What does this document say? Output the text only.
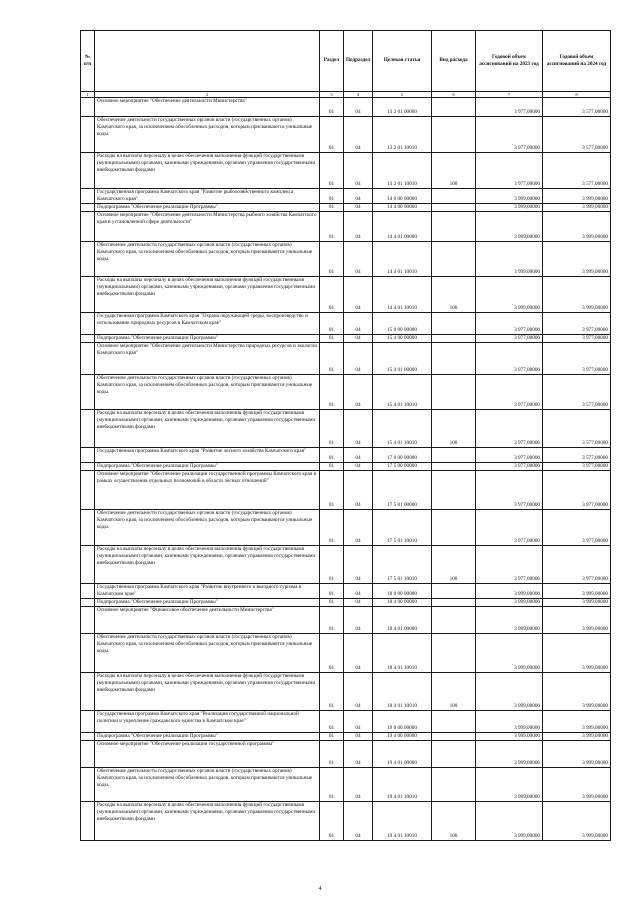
№ п/п		Раздел	Подраздел	Целевая статья	Вид расхода	Годовой объем ассигнований на 2023 год	Годовой объем ассигнований на 2024 год
1	2	3	4	5	6	7	8
	Основное мероприятие "Обеспечение деятельности Министерства"	01	04	13 2 01 00000		3 977,00000	3 577,00000
	Обеспечение деятельности государственных органов власти (государственных органов) Камчатского края, за исключением обособленных расходов, которым присваиваются уникальные коды.	01	04	13 2 01 10010		3 977,00000	3 577,00000
	Расходы на выплаты персоналу в целях обеспечения выполнения функций государственными (муниципальными) органами, казенными учреждениями, органами управления государственными внебюджетными фондами	01	04	13 2 01 10010	100	3 977,00000	3 577,00000
	Государственная программа Камчатского края "Развитие рыбохозяйственного комплекса Камчатского края"	01	04	14 0 00 00000		3 999,00000	3 999,00000
	Подпрограмма "Обеспечение реализации Программы"	01	04	14 4 00 00000		3 999,00000	3 999,00000
	Основное мероприятие "Обеспечение деятельности Министерства рыбного хозяйства Камчатского края в установленной сфере деятельности"	01	04	14 4 01 00000		3 999,00000	3 999,00000
	Обеспечение деятельности государственных органов власти (государственных органов) Камчатского края, за исключением обособленных расходов, которым присваиваются уникальные коды.	01	04	14 4 01 10010		3 999,00000	3 999,00000
	Расходы на выплаты персоналу в целях обеспечения выполнения функций государственными (муниципальными) органами, казенными учреждениями, органами управления государственными внебюджетными фондами	01	04	14 4 01 10010	100	3 999,00000	3 999,00000
	Государственная программа Камчатского края "Охрана окружающей среды, воспроизводство и использование природных ресурсов в Камчатском крае"	01	04	15 0 00 00000		3 977,00000	3 977,00000
	Подпрограмма "Обеспечение реализации Программы"	01	04	15 4 00 00000		3 977,00000	3 977,00000
	Основное мероприятие "Обеспечение деятельности Министерства природных ресурсов и экологии Камчатского края"	01	04	15 4 01 00000		3 977,00000	3 977,00000
	Обеспечение деятельности государственных органов власти (государственных органов) Камчатского края, за исключением обособленных расходов, которым присваиваются уникальные коды.	01	04	15 4 01 10010		3 977,00000	3 577,00000
	Расходы на выплаты персоналу в целях обеспечения выполнения функций государственными (муниципальными) органами, казенными учреждениями, органами управления государственными внебюджетными фондами	01	04	15 4 01 10010	100	3 977,00000	3 577,00000
	Государственная программа Камчатского края "Развитие лесного хозяйства Камчатского края"	01	04	17 0 00 00000		3 977,00000	3 577,00000
	Подпрограмма "Обеспечение реализации Программы"	01	04	17 5 00 00000		3 977,00000	3 977,00000
	Основное мероприятие "Обеспечение реализации государственной программы Камчатского края в рамках осуществления отдельных полномочий в области лесных отношений"	01	04	17 5 01 00000		3 977,00000	3 977,00000
	Обеспечение деятельности государственных органов власти (государственных органов) Камчатского края, за исключением обособленных расходов, которым присваиваются уникальные коды.	01	04	17 5 01 10010		3 977,00000	3 977,00000
	Расходы на выплаты персоналу в целях обеспечения выполнения функций государственными (муниципальными) органами, казенными учреждениями, органами управления государственными внебюджетными фондами	01	04	17 5 01 10010	100	3 977,00000	3 977,00000
	Государственная программа Камчатского края "Развитие внутреннего и въездного туризма в Камчатском крае"	01	04	18 0 00 00000		3 999,00000	3 999,00000
	Подпрограмма "Обеспечение реализации Программы"	01	04	18 4 00 00000		3 999,00000	3 999,00000
	Основное мероприятие "Финансовое обеспечение деятельности Министерства"	01	04	18 4 01 00000		3 999,00000	3 999,00000
	Обеспечение деятельности государственных органов власти (государственных органов) Камчатского края, за исключением обособленных расходов, которым присваиваются уникальные коды.	01	04	18 4 01 10010		3 999,00000	3 999,00000
	Расходы на выплаты персоналу в целях обеспечения выполнения функций государственными (муниципальными) органами, казенными учреждениями, органами управления государственными внебюджетными фондами	01	04	18 4 01 10010	100	3 999,00000	3 999,00000
	Государственная программа Камчатского края "Реализация государственной национальной политики и укрепление гражданского единства в Камчатском крае"	01	04	19 0 00 00000		3 999,00000	3 999,00000
	Подпрограмма "Обеспечение реализации Программы"	01	04	19 4 00 00000		3 999,00000	3 999,00000
	Основное мероприятие "Обеспечение реализации государственной программы"	01	04	19 4 01 00000		3 999,00000	3 999,00000
	Обеспечение деятельности государственных органов власти (государственных органов) Камчатского края, за исключением обособленных расходов, которым присваиваются уникальные коды.	01	04	19 4 01 10010		3 999,00000	3 999,00000
	Расходы на выплаты персоналу в целях обеспечения выполнения функций государственными (муниципальными) органами, казенными учреждениями, органами управления государственными внебюджетными фондами	01	04	19 4 01 10010	100	3 999,00000	3 999,00000
4
